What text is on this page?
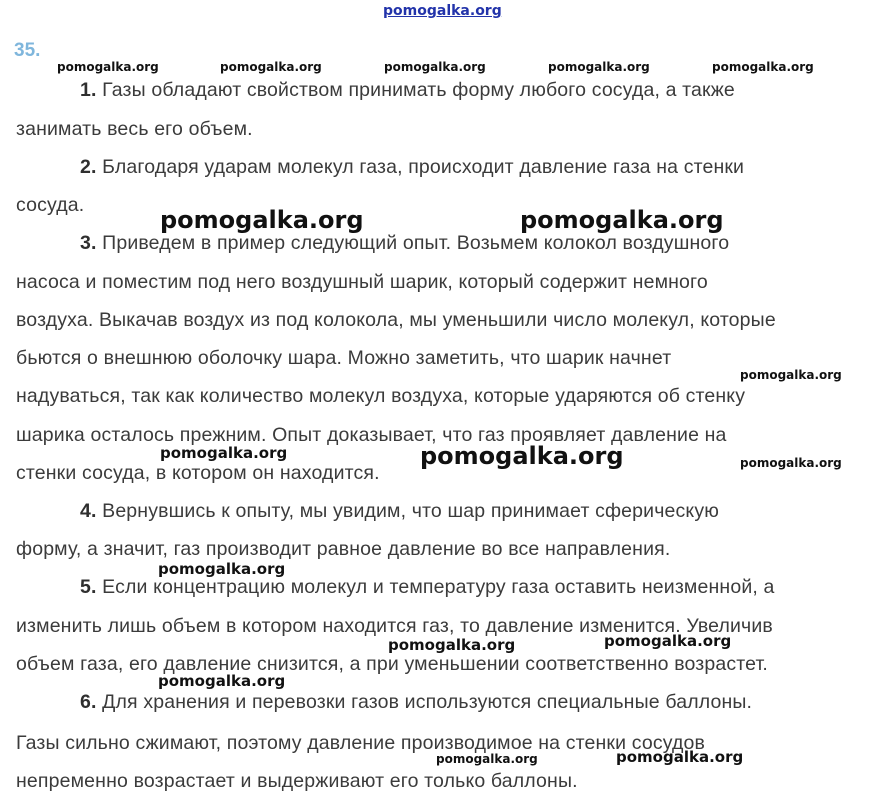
pomogalka.org
35.
1. Газы обладают свойством принимать форму любого сосуда, а также
занимать весь его объем.
2. Благодаря ударам молекул газа, происходит давление газа на стенки
сосуда.
3. Приведем в пример следующий опыт. Возьмем колокол воздушного
насоса и поместим под него воздушный шарик, который содержит немного
воздуха. Выкачав воздух из под колокола, мы уменьшили число молекул, которые
бьются о внешнюю оболочку шара. Можно заметить, что шарик начнет
надуваться, так как количество молекул воздуха, которые ударяются об стенку
шарика осталось прежним. Опыт доказывает, что газ проявляет давление на
стенки сосуда, в котором он находится.
4. Вернувшись к опыту, мы увидим, что шар принимает сферическую
форму, а значит, газ производит равное давление во все направления.
5. Если концентрацию молекул и температуру газа оставить неизменной, а
изменить лишь объем в котором находится газ, то давление изменится. Увеличив
объем газа, его давление снизится, а при уменьшении соответственно возрастет.
6. Для хранения и перевозки газов используются специальные баллоны.
Газы сильно сжимают, поэтому давление производимое на стенки сосудов
непременно возрастает и выдерживают его только баллоны.
pomogalka.org	pomogalka.org	pomogalka.org	pomogalka.org	pomogalka.org
pomogalka.org	pomogalka.org
pomogalka.org
pomogalka.org	pomogalka.org	pomogalka.org
pomogalka.org
pomogalka.org	pomogalka.org
pomogalka.org
pomogalka.org	pomogalka.org
